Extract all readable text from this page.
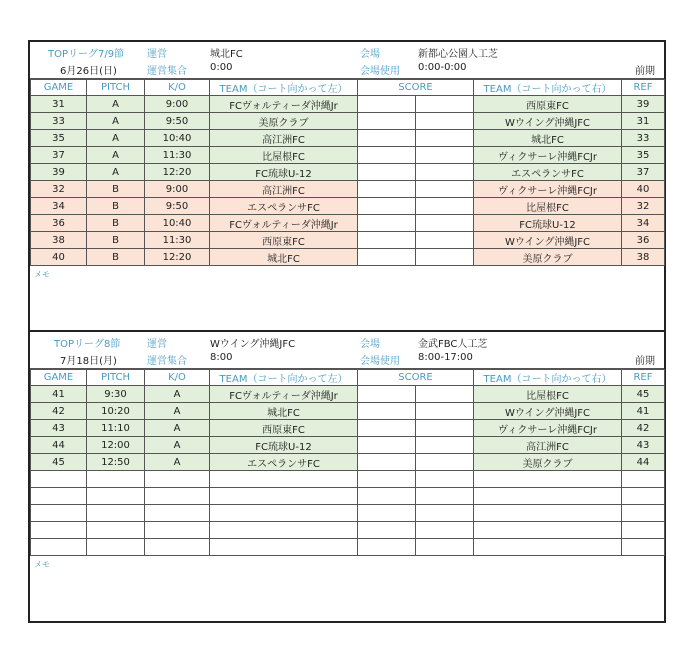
TOPリーグ7/9節
6月26日(日)
運営	城北FC
運営集合 0:00
会場	新都心公園人工芝
会場使用 0:00-0:00	前期
GAME	PITCH	K/O	TEAM（コート向かって左）	SCORE		TEAM（コート向かって右）	REF
31	A	9:00	FCヴォルティーダ沖縄Jr			西原東FC	39
33	A	9:50	美原クラブ			Wウイング沖縄JFC	31
35	A	10:40	高江洲FC			城北FC	33
37	A	11:30	比屋根FC			ヴィクサーレ沖縄FCJr	35
39	A	12:20	FC琉球U-12			エスペランサFC	37
32	B	9:00	高江洲FC			ヴィクサーレ沖縄FCJr	40
34	B	9:50	エスペランサFC			比屋根FC	32
36	B	10:40	FCヴォルティーダ沖縄Jr			FC琉球U-12	34
38	B	11:30	西原東FC			Wウイング沖縄JFC	36
40	B	12:20	城北FC			美原クラブ	38
メモ
TOPリーグ8節
7月18日(月)
運営	Wウイング沖縄JFC
運営集合 8:00
会場	金武FBC人工芝
会場使用 8:00-17:00	前期
GAME	PITCH	K/O	TEAM（コート向かって左）	SCORE		TEAM（コート向かって右）	REF
41	9:30	A	FCヴォルティーダ沖縄Jr			比屋根FC	45
42	10:20	A	城北FC			Wウイング沖縄JFC	41
43	11:10	A	西原東FC			ヴィクサーレ沖縄FCJr	42
44	12:00	A	FC琉球U-12			高江洲FC	43
45	12:50	A	エスペランサFC			美原クラブ	44

メモ
